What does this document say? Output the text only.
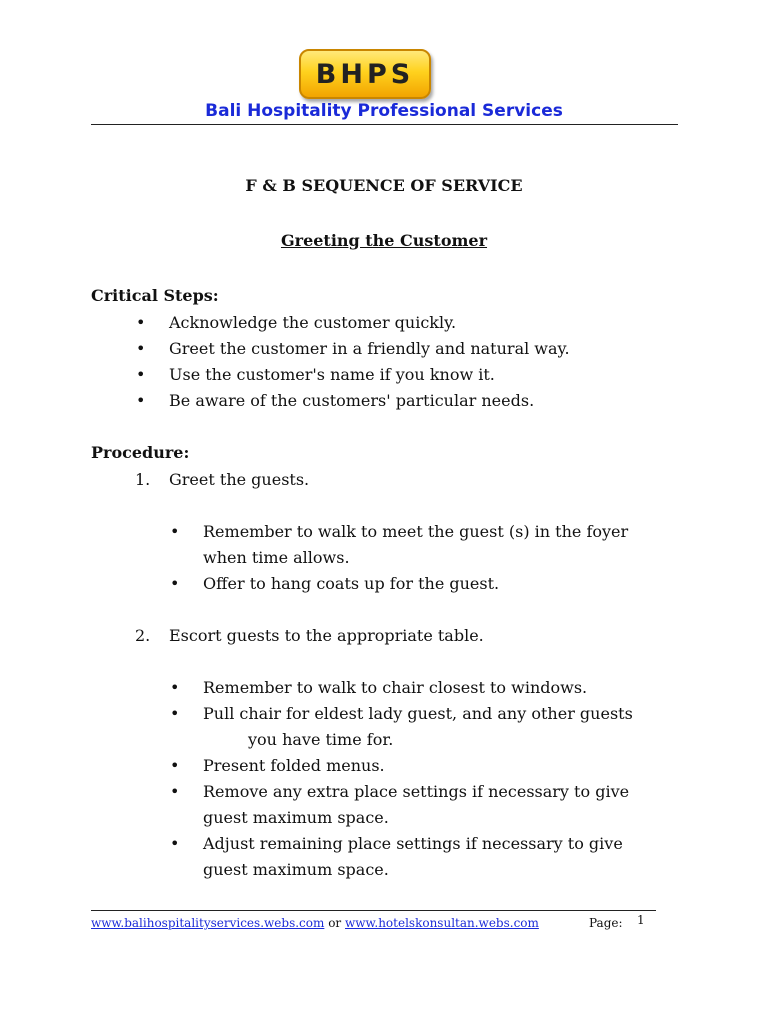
BHPS
Bali Hospitality Professional Services
F & B SEQUENCE OF SERVICE
Greeting the Customer
Critical Steps:
• Acknowledge the customer quickly.
• Greet the customer in a friendly and natural way.
• Use the customer's name if you know it.
• Be aware of the customers' particular needs.
Procedure:
1. Greet the guests.
• Remember to walk to meet the guest (s) in the foyer
when time allows.
• Offer to hang coats up for the guest.
2. Escort guests to the appropriate table.
• Remember to walk to chair closest to windows.
• Pull chair for eldest lady guest, and any other guests
you have time for.
• Present folded menus.
• Remove any extra place settings if necessary to give
guest maximum space.
• Adjust remaining place settings if necessary to give
guest maximum space.
www.balihospitalityservices.webs.com or www.hotelskonsultan.webs.com	Page: 1
